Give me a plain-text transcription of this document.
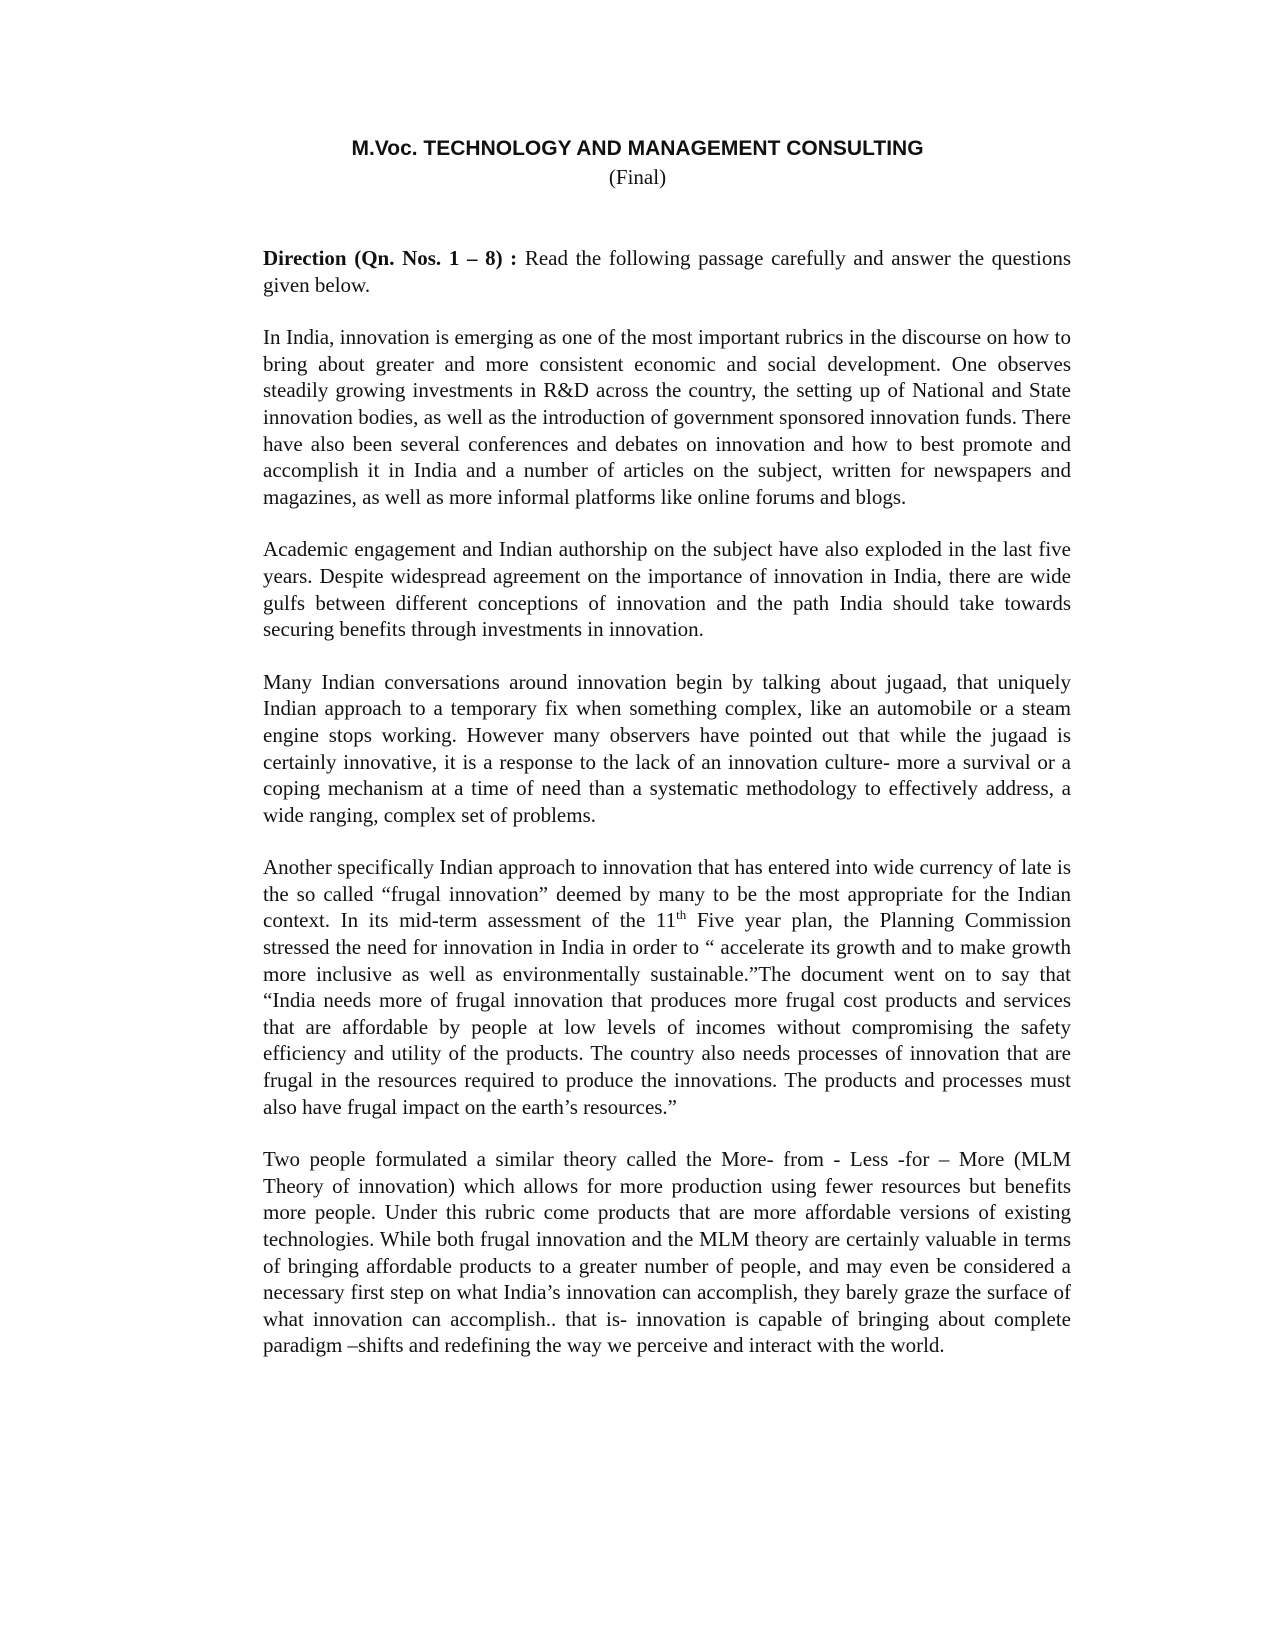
M.Voc. TECHNOLOGY AND MANAGEMENT CONSULTING
(Final)

Direction (Qn. Nos. 1 – 8) : Read the following passage carefully and answer the questions given below.

In India, innovation is emerging as one of the most important rubrics in the discourse on how to bring about greater and more consistent economic and social development. One observes steadily growing investments in R&D across the country, the setting up of National and State innovation bodies, as well as the introduction of government sponsored innovation funds. There have also been several conferences and debates on innovation and how to best promote and accomplish it in India and a number of articles on the subject, written for newspapers and magazines, as well as more informal platforms like online forums and blogs.

Academic engagement and Indian authorship on the subject have also exploded in the last five years. Despite widespread agreement on the importance of innovation in India, there are wide gulfs between different conceptions of innovation and the path India should take towards securing benefits through investments in innovation.

Many Indian conversations around innovation begin by talking about jugaad, that uniquely Indian approach to a temporary fix when something complex, like an automobile or a steam engine stops working. However many observers have pointed out that while the jugaad is certainly innovative, it is a response to the lack of an innovation culture- more a survival or a coping mechanism at a time of need than a systematic methodology to effectively address, a wide ranging, complex set of problems.

Another specifically Indian approach to innovation that has entered into wide currency of late is the so called “frugal innovation” deemed by many to be the most appropriate for the Indian context. In its mid-term assessment of the 11th Five year plan, the Planning Commission stressed the need for innovation in India in order to “ accelerate its growth and to make growth more inclusive as well as environmentally sustainable.”The document went on to say that “India needs more of frugal innovation that produces more frugal cost products and services that are affordable by people at low levels of incomes without compromising the safety efficiency and utility of the products. The country also needs processes of innovation that are frugal in the resources required to produce the innovations. The products and processes must also have frugal impact on the earth’s resources.”

Two people formulated a similar theory called the More- from - Less -for – More (MLM Theory of innovation) which allows for more production using fewer resources but benefits more people. Under this rubric come products that are more affordable versions of existing technologies. While both frugal innovation and the MLM theory are certainly valuable in terms of bringing affordable products to a greater number of people, and may even be considered a necessary first step on what India’s innovation can accomplish, they barely graze the surface of what innovation can accomplish.. that is- innovation is capable of bringing about complete paradigm –shifts and redefining the way we perceive and interact with the world.
